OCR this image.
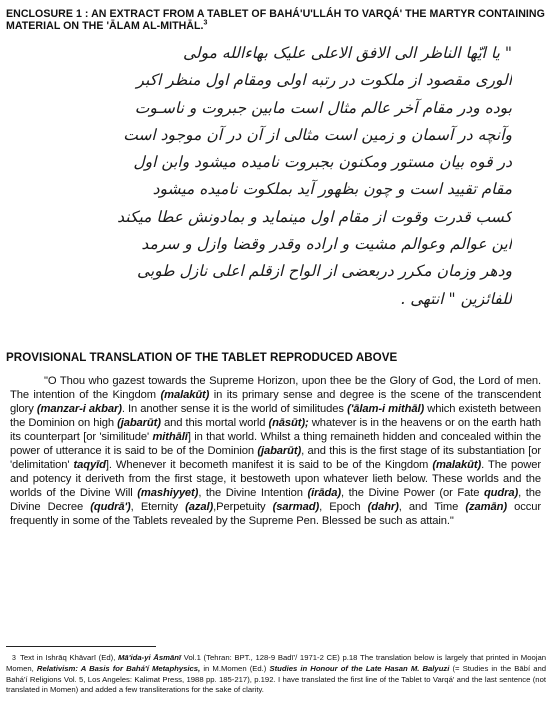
ENCLOSURE 1 : AN EXTRACT FROM A TABLET OF BAHÁ'U'LLÁH TO VARQÁ' THE MARTYR CONTAINING MATERIAL ON THE 'ĀLAM AL-MITHĀL.$^3$
" یا ایّها الناظر الی الافق الاعلی علیک بهاءالله مولی
الوری مقصود از ملکوت در رتبه اولی ومقام اول منظر اکبر
بوده ودر مقام آخر عالم مثال است مابین جبروت و ناسـوت
وآنچه در آسمان و زمین است مثالی از آن در آن موجود است
در قوه بیان مستور ومکنون بجبروت نامیده میشود وابن اول
مقام تقیید است و چون بظهور آید بملکوت نامیده میشود
کسب قدرت وقوت از مقام اول مینماید و بمادونش عطا میکند
این عوالم وعوالم مشیت و اراده وقدر وقضا وازل و سرمد
ودهر وزمان مکرر دربعضی از الواح ازقلم اعلی نازل طوبی
للفائزین " انتهی .
PROVISIONAL TRANSLATION OF THE TABLET REPRODUCED ABOVE

"O Thou who gazest towards the Supreme Horizon, upon thee be the Glory of God, the Lord of men. The intention of the Kingdom (malakūt) in its primary sense and degree is the scene of the transcendent glory (manzar-i akbar). In another sense it is the world of similitudes ('ālam-i mithāl) which existeth between the Dominion on high (jabarūt) and this mortal world (nāsūt); whatever is in the heavens or on the earth hath its counterpart [or 'similitude' mithālī] in that world. Whilst a thing remaineth hidden and concealed within the power of utterance it is said to be of the Dominion (jabarūt), and this is the first stage of its substantiation [or 'delimitation' taqyīd]. Whenever it becometh manifest it is said to be of the Kingdom (malakūt). The power and potency it deriveth from the first stage, it bestoweth upon whatever lieth below. These worlds and the worlds of the Divine Will (mashiyyet), the Divine Intention (irāda), the Divine Power (or Fate qudra), the Divine Decree (qudrā'), Eternity (azal),Perpetuity (sarmad), Epoch (dahr), and Time (zamān) occur frequently in some of the Tablets revealed by the Supreme Pen. Blessed be such as attain."

3 Text in Ishrāq Khāvarī (Ed), Mā'ida-yi Āsmānī Vol.1 (Tehran: BPT., 128-9 Badī'/ 1971-2 CE) p.18 The translation below is largely that printed in Moojan Momen, Relativism: A Basis for Bahá'í Metaphysics, in M.Momen (Ed.) Studies in Honour of the Late Hasan M. Balyuzi (= Studies in the Bābí and Bahá'í Religions Vol. 5, Los Angeles: Kalimat Press, 1988 pp. 185-217), p.192. I have translated the first line of the Tablet to Varqá' and the last sentence (not translated in Momen) and added a few transliterations for the sake of clarity.
